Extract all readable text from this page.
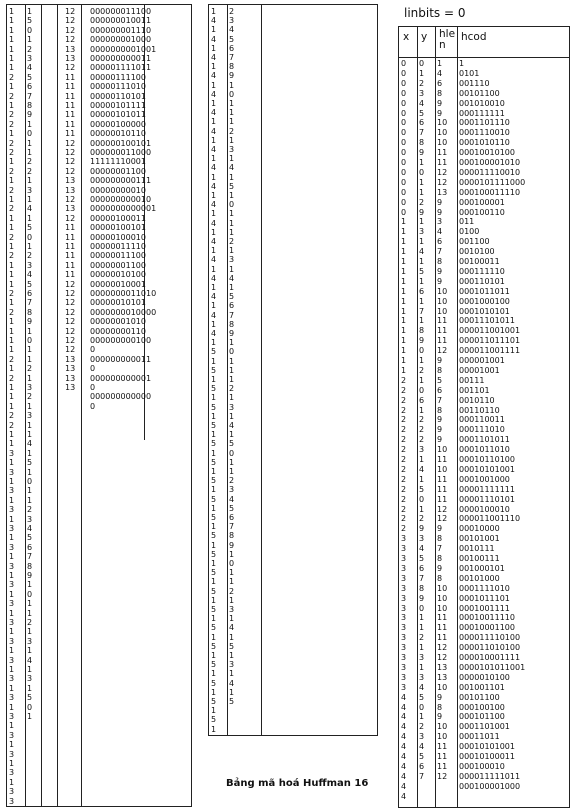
1
1
1
1
1
1
1
2
1
2
1
2
2
1
2
2
1
2
1
2
1
2
1
1
2
1
2
1
1
1
2
1
2
1
1
1
1
2
1
2
1
1
1
2
2
1
1
3
1
3
1
3
1
3
1
3
1
3
1
3
1
3
1
3
1
3
1
3
1
3
1
3
1
3
1
3
1
3
1
3
1
3
1
3
3
1
5
0
1
2
3
4
5
6
7
8
9
1
0
1
1
2
2
1
3
1
4
1
5
0
1
2
3
4
5
6
7
8
9
1
0
1
1
2
1
3
2
1
3
1
1
4
1
5
1
0
1
1
2
3
4
5
6
7
8
9
1
0
1
1
2
1
3
1
4
1
3
1
5
0
1
12
12
12
12
13
13
12
11
11
11
11
11
11
11
12
12
12
12
13
13
12
13
12
11
11
11
11
11
11
12
12
12
12
12
12
12
12
13
13
13
13
000000011100
000000010011
000000001110
000000001000
0000000001001
000000000011
000001111011
00000111100
00000111010
00000110101
00000101111
00000101011
00000100000
00000010110
000000100101
000000011000
11111110001
00000001100
000000000111
00000000010
000000000010
0000000000001
00000100011
00000100101
00000100010
00000011110
00000011100
00000001100
00000010100
00000010001
0000000011010
00000010101
0000000010000
00000001010
00000000110
000000000100
0
000000000011
0
000000000001
0
000000000000
0
1
4
1
4
1
4
1
4
1
4
1
4
1
4
1
4
1
4
1
4
1
4
1
4
1
4
1
4
1
4
1
4
1
4
1
4
1
5
1
5
1
5
1
5
1
5
1
5
1
5
1
5
1
5
1
5
1
5
1
5
1
5
1
5
1
5
1
5
1
5
1
5
1
5
1
5
1
5
1
2
3
4
5
6
7
8
9
1
0
1
1
1
2
1
3
1
4
1
5
1
0
1
1
1
2
1
3
1
4
1
5
6
7
8
9
1
0
1
1
1
2
1
3
1
4
1
5
0
1
1
2
3
4
5
6
7
8
9
1
0
1
1
2
1
3
1
4
1
5
1
3
1
4
1
5
linbits = 0
x y hle n
hcod
0
0
0
0
0
0
0
0
0
0
0
0
0
0
0
0
1
1
1
1
1
1
1
1
1
1
1
1
1
1
1
1
2
2
2
2
2
2
2
2
2
2
2
2
2
2
2
2
3
3
3
3
3
3
3
3
3
3
3
3
3
3
3
3
4
4
4
4
4
4
4
4
4
4
4
0
1
2
3
4
5
6
7
8
9
1
0
1
1
2
9
1
3
1
4
1
5
1
6
1
7
1
8
9
0
1
2
1
0
6
1
2
2
2
3
1
4
1
5
0
1
2
9
3
4
5
6
7
8
9
0
1
1
2
1
3
1
3
4
5
0
1
2
3
4
5
6
7
1
4
6
8
9
9
10
10
10
11
11
12
12
13
9
9
3
4
6
7
8
9
9
10
10
10
11
11
11
12
9
8
5
6
7
8
9
9
9
10
11
10
11
11
11
12
12
9
8
7
8
9
8
10
10
10
11
11
11
12
12
13
13
10
9
8
9
10
10
11
11
11
12
1
0101
001110
00101100
001010010
000111111
0001101110
0001110010
0001010110
00010010100
000100001010
000011110010
0000101111000
000100011110
000100001
000100110
011
0100
001100
0010100
00100011
000111110
000110101
0001011011
0001000100
0001010101
00011101011
000011001001
000011011101
000011001111
000001001
00001001
00111
001101
0010110
00110110
000110011
000111010
0001101011
0001011010
00010110100
00010101001
0001001000
00001111111
00001110101
0000100010
000011001110
00010000
00101001
0010111
00100111
001000101
00101000
0001111010
0001011101
0001001111
00010011110
00010001100
000011110100
000011010100
000010001111
0000101011001
0000010100
001001101
00101100
000100100
000101100
0001101001
00011011
00010101001
00010100011
000100010
000011111011
000100001000
Bảng mã hoá Huffman 16
